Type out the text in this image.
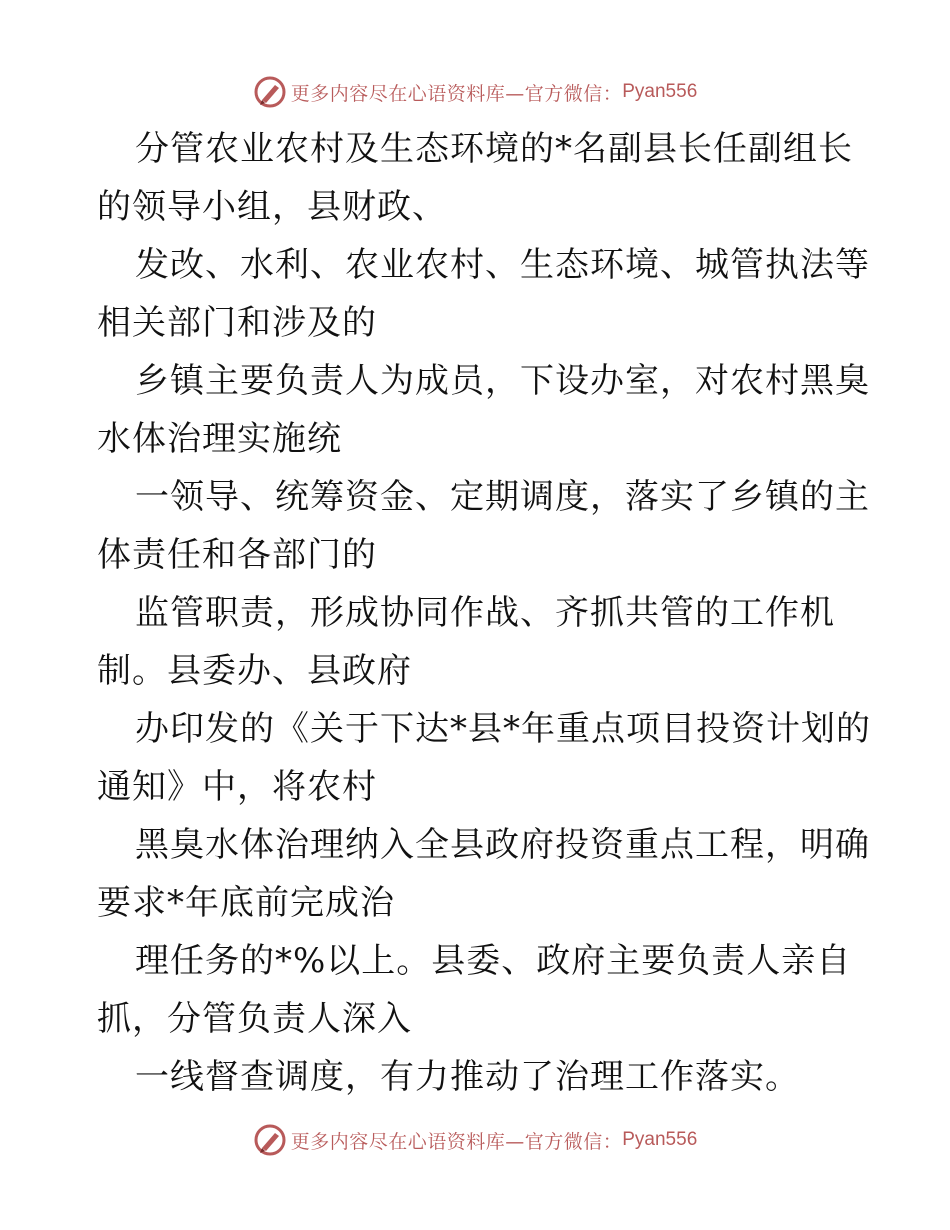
更多内容尽在心语资料库—官方微信： Pyan556
分管农业农村及生态环境的*名副县长任副组长
的领导小组，县财政、
发改、水利、农业农村、生态环境、城管执法等
相关部门和涉及的
乡镇主要负责人为成员，下设办室，对农村黑臭
水体治理实施统
一领导、统筹资金、定期调度，落实了乡镇的主
体责任和各部门的
监管职责，形成协同作战、齐抓共管的工作机
制。县委办、县政府
办印发的《关于下达*县*年重点项目投资计划的
通知》中，将农村
黑臭水体治理纳入全县政府投资重点工程，明确
要求*年底前完成治
理任务的*%以上。县委、政府主要负责人亲自
抓，分管负责人深入
一线督查调度，有力推动了治理工作落实。
更多内容尽在心语资料库—官方微信： Pyan556
